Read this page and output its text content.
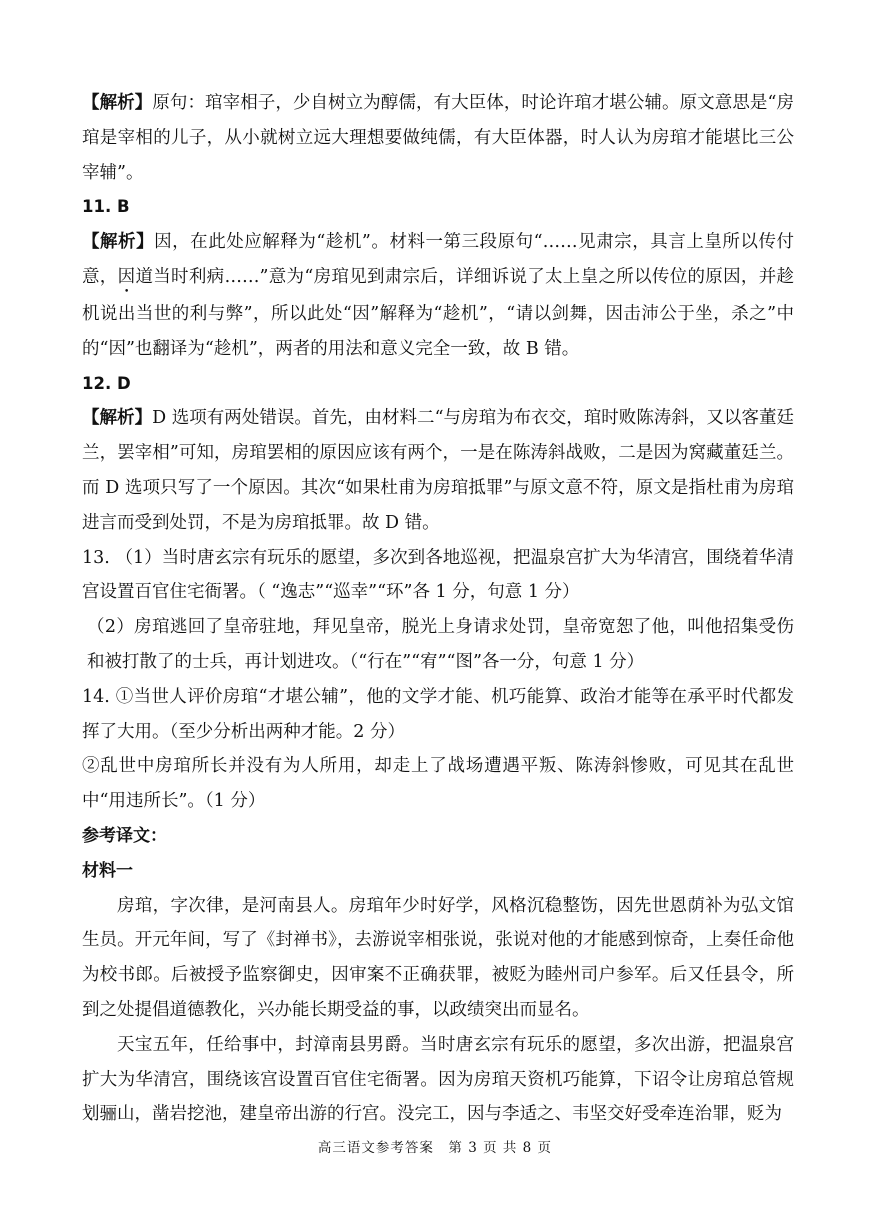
【解析】原句：琯宰相子，少自树立为醇儒，有大臣体，时论许琯才堪公辅。原文意思是“房琯是宰相的儿子，从小就树立远大理想要做纯儒，有大臣体器，时人认为房琯才能堪比三公宰辅”。

11. B

【解析】因，在此处应解释为“趁机”。材料一第三段原句“……见肃宗，具言上皇所以传付意，因道当时利病……”意为“房琯见到肃宗后，详细诉说了太上皇之所以传位的原因，并趁机说出当世的利与弊”，所以此处“因”解释为“趁机”，“请以剑舞，因击沛公于坐，杀之”中的“因”也翻译为“趁机”，两者的用法和意义完全一致，故 B 错。

12. D

【解析】D 选项有两处错误。首先，由材料二“与房琯为布衣交，琯时败陈涛斜，又以客董廷兰，罢宰相”可知，房琯罢相的原因应该有两个，一是在陈涛斜战败，二是因为窝藏董廷兰。而 D 选项只写了一个原因。其次“如果杜甫为房琯抵罪”与原文意不符，原文是指杜甫为房琯进言而受到处罚，不是为房琯抵罪。故 D 错。

13. （1）当时唐玄宗有玩乐的愿望，多次到各地巡视，把温泉宫扩大为华清宫，围绕着华清宫设置百官住宅衙署。（ “逸志”“巡幸”“环”各 1 分，句意 1 分）

（2）房琯逃回了皇帝驻地，拜见皇帝，脱光上身请求处罚，皇帝宽恕了他，叫他招集受伤和被打散了的士兵，再计划进攻。（“行在”“宥”“图”各一分，句意 1 分）

14. ①当世人评价房琯“才堪公辅”，他的文学才能、机巧能算、政治才能等在承平时代都发挥了大用。（至少分析出两种才能。2 分）

②乱世中房琯所长并没有为人所用，却走上了战场遭遇平叛、陈涛斜惨败，可见其在乱世中“用违所长”。（1 分）

参考译文：

材料一

房琯，字次律，是河南县人。房琯年少时好学，风格沉稳整饬，因先世恩荫补为弘文馆生员。开元年间，写了《封禅书》，去游说宰相张说，张说对他的才能感到惊奇，上奏任命他为校书郎。后被授予监察御史，因审案不正确获罪，被贬为睦州司户参军。后又任县令，所到之处提倡道德教化，兴办能长期受益的事，以政绩突出而显名。

天宝五年，任给事中，封漳南县男爵。当时唐玄宗有玩乐的愿望，多次出游，把温泉宫扩大为华清宫，围绕该宫设置百官住宅衙署。因为房琯天资机巧能算，下诏令让房琯总管规划骊山，凿岩挖池，建皇帝出游的行宫。没完工，因与李适之、韦坚交好受牵连治罪，贬为

高三语文参考答案　第 3 页 共 8 页
